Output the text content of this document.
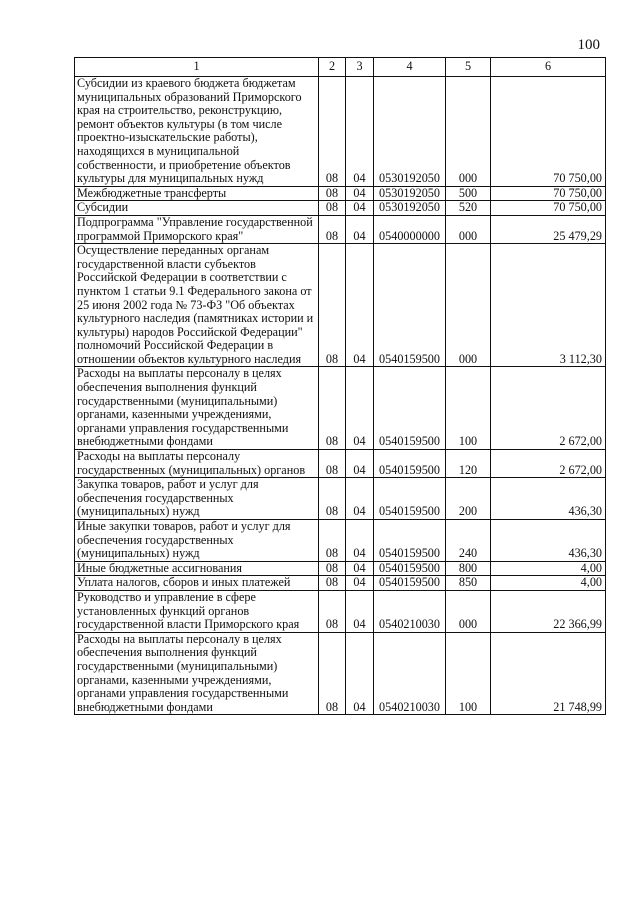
100
1	2	3	4	5	6
Субсидии из краевого бюджета бюджетам муниципальных образований Приморского края на строительство, реконструкцию, ремонт объектов культуры (в том числе проектно-изыскательские работы), находящихся в муниципальной собственности, и приобретение объектов культуры для муниципальных нужд	08	04	0530192050	000	70 750,00
Межбюджетные трансферты	08	04	0530192050	500	70 750,00
Субсидии	08	04	0530192050	520	70 750,00
Подпрограмма "Управление государственной программой Приморского края"	08	04	0540000000	000	25 479,29
Осуществление переданных органам государственной власти субъектов Российской Федерации в соответствии с пунктом 1 статьи 9.1 Федерального закона от 25 июня 2002 года № 73-ФЗ "Об объектах культурного наследия (памятниках истории и культуры) народов Российской Федерации" полномочий Российской Федерации в отношении объектов культурного наследия	08	04	0540159500	000	3 112,30
Расходы на выплаты персоналу в целях обеспечения выполнения функций государственными (муниципальными) органами, казенными учреждениями, органами управления государственными внебюджетными фондами	08	04	0540159500	100	2 672,00
Расходы на выплаты персоналу государственных (муниципальных) органов	08	04	0540159500	120	2 672,00
Закупка товаров, работ и услуг для обеспечения государственных (муниципальных) нужд	08	04	0540159500	200	436,30
Иные закупки товаров, работ и услуг для обеспечения государственных (муниципальных) нужд	08	04	0540159500	240	436,30
Иные бюджетные ассигнования	08	04	0540159500	800	4,00
Уплата налогов, сборов и иных платежей	08	04	0540159500	850	4,00
Руководство и управление в сфере установленных функций органов государственной власти Приморского края	08	04	0540210030	000	22 366,99
Расходы на выплаты персоналу в целях обеспечения выполнения функций государственными (муниципальными) органами, казенными учреждениями, органами управления государственными внебюджетными фондами	08	04	0540210030	100	21 748,99
